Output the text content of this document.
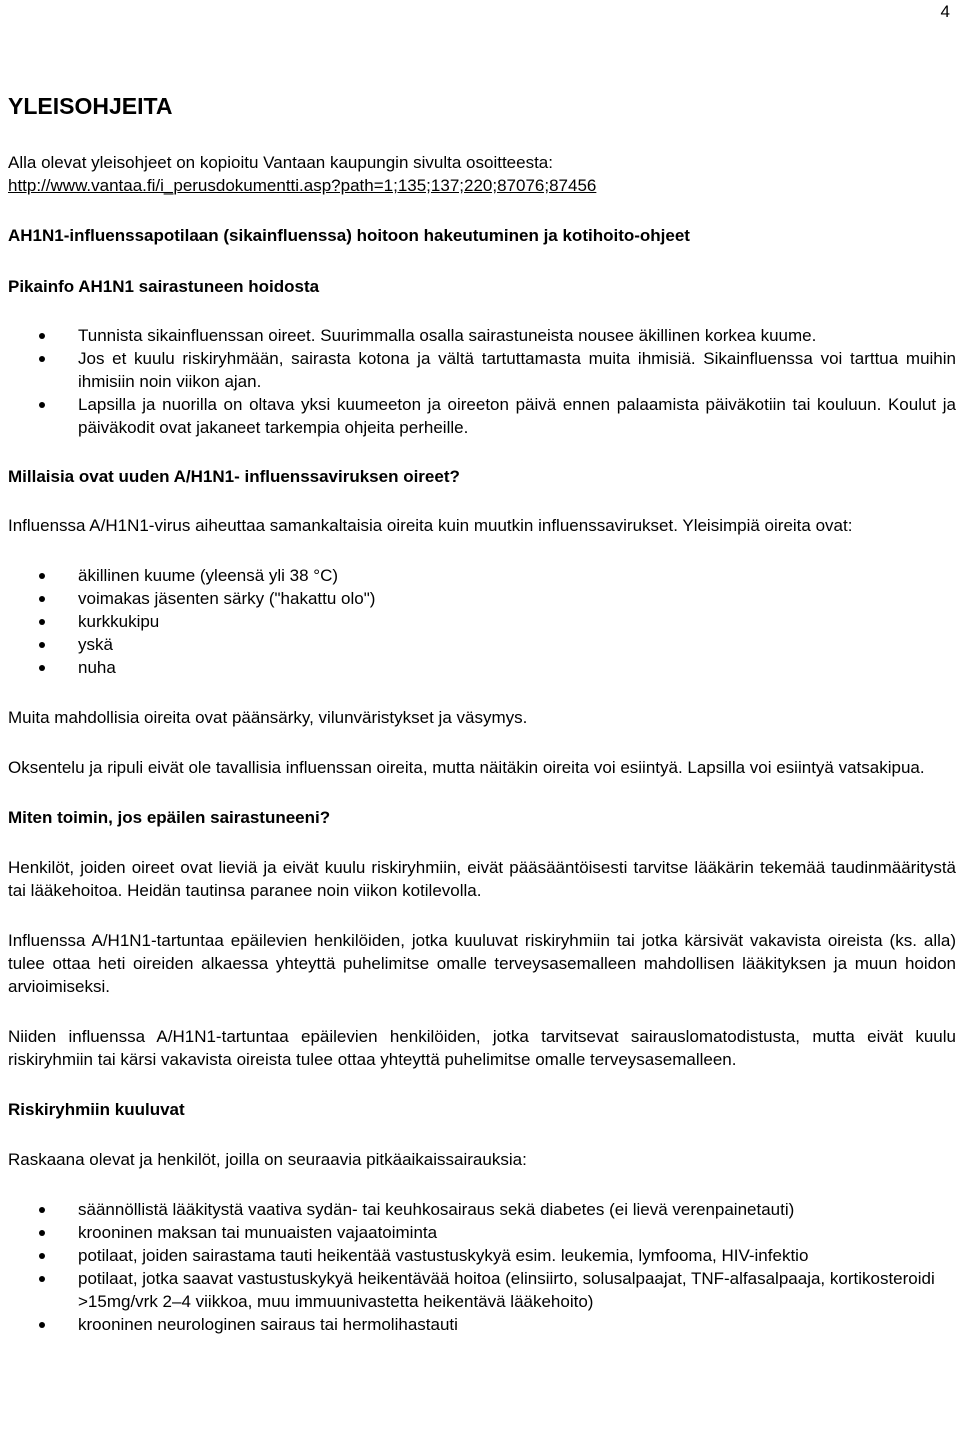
4
YLEISOHJEITA

Alla olevat yleisohjeet on kopioitu Vantaan kaupungin sivulta osoitteesta:
http://www.vantaa.fi/i_perusdokumentti.asp?path=1;135;137;220;87076;87456

AH1N1-influenssapotilaan (sikainfluenssa) hoitoon hakeutuminen ja kotihoito-ohjeet

Pikainfo AH1N1 sairastuneen hoidosta

Tunnista sikainfluenssan oireet. Suurimmalla osalla sairastuneista nousee äkillinen korkea kuume.
Jos et kuulu riskiryhmään, sairasta kotona ja vältä tartuttamasta muita ihmisiä. Sikainfluenssa voi tarttua muihin ihmisiin noin viikon ajan.
Lapsilla ja nuorilla on oltava yksi kuumeeton ja oireeton päivä ennen palaamista päiväkotiin tai kouluun. Koulut ja päiväkodit ovat jakaneet tarkempia ohjeita perheille.

Millaisia ovat uuden A/H1N1- influenssaviruksen oireet?

Influenssa A/H1N1-virus aiheuttaa samankaltaisia oireita kuin muutkin influenssavirukset. Yleisimpiä oireita ovat:

äkillinen kuume (yleensä yli 38 °C)
voimakas jäsenten särky ("hakattu olo")
kurkkukipu
yskä
nuha

Muita mahdollisia oireita ovat päänsärky, vilunväristykset ja väsymys.

Oksentelu ja ripuli eivät ole tavallisia influenssan oireita, mutta näitäkin oireita voi esiintyä. Lapsilla voi esiintyä vatsakipua.

Miten toimin, jos epäilen sairastuneeni?

Henkilöt, joiden oireet ovat lieviä ja eivät kuulu riskiryhmiin, eivät pääsääntöisesti tarvitse lääkärin tekemää taudinmääritystä tai lääkehoitoa. Heidän tautinsa paranee noin viikon kotilevolla.

Influenssa A/H1N1-tartuntaa epäilevien henkilöiden, jotka kuuluvat riskiryhmiin tai jotka kärsivät vakavista oireista (ks. alla) tulee ottaa heti oireiden alkaessa yhteyttä puhelimitse omalle terveysasemalleen mahdollisen lääkityksen ja muun hoidon arvioimiseksi.

Niiden influenssa A/H1N1-tartuntaa epäilevien henkilöiden, jotka tarvitsevat sairauslomatodistusta, mutta eivät kuulu riskiryhmiin tai kärsi vakavista oireista tulee ottaa yhteyttä puhelimitse omalle terveysasemalleen.

Riskiryhmiin kuuluvat

Raskaana olevat ja henkilöt, joilla on seuraavia pitkäaikaissairauksia:

säännöllistä lääkitystä vaativa sydän- tai keuhkosairaus sekä diabetes (ei lievä verenpainetauti)
krooninen maksan tai munuaisten vajaatoiminta
potilaat, joiden sairastama tauti heikentää vastustuskykyä esim. leukemia, lymfooma, HIV-infektio
potilaat, jotka saavat vastustuskykyä heikentävää hoitoa (elinsiirto, solusalpaajat, TNF-alfasalpaaja, kortikosteroidi >15mg/vrk 2–4 viikkoa, muu immuunivastetta heikentävä lääkehoito)
krooninen neurologinen sairaus tai hermolihastauti
